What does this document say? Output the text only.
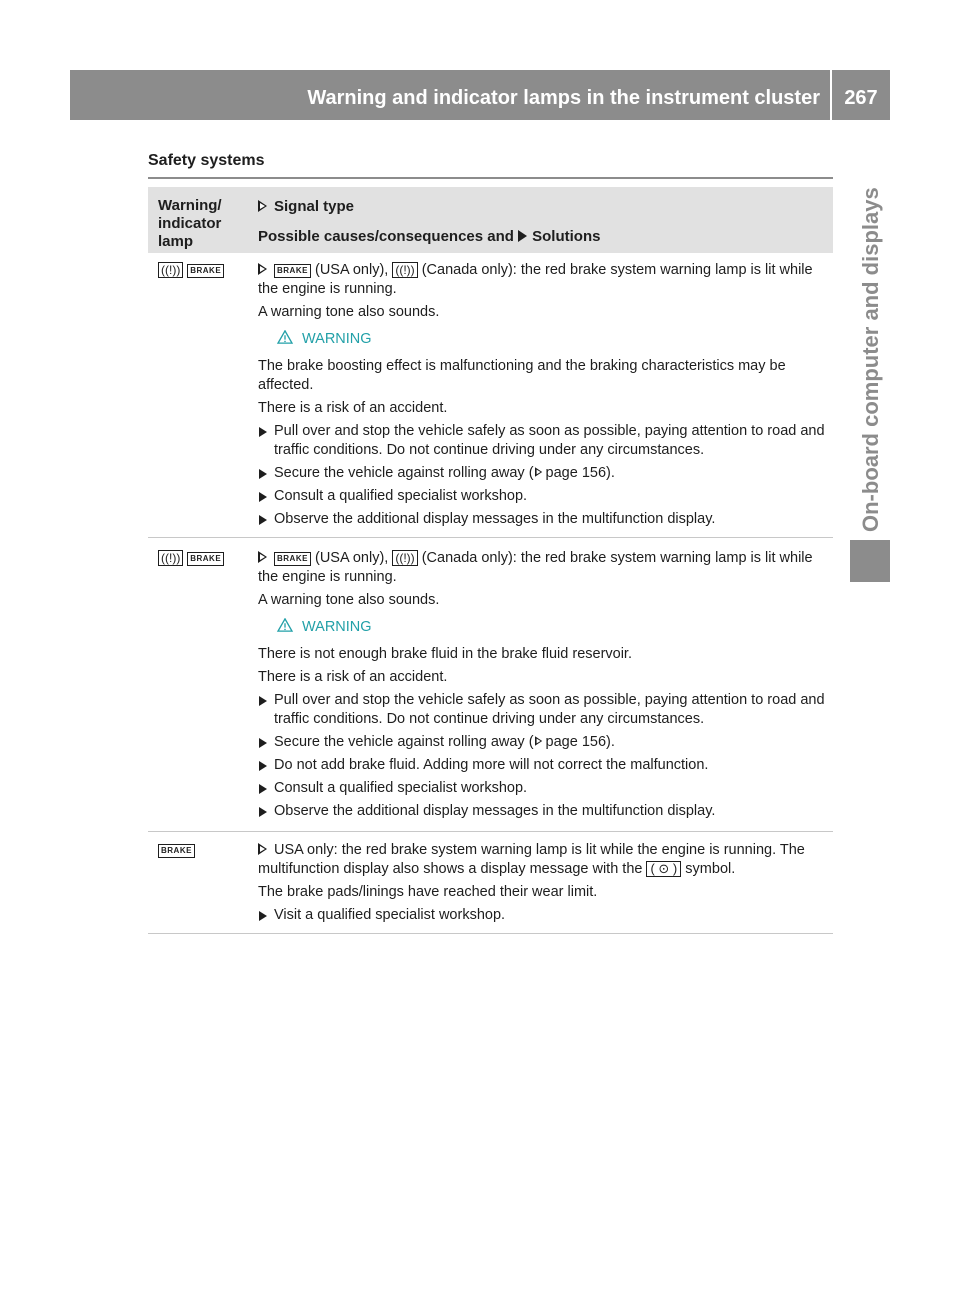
Warning and indicator lamps in the instrument cluster	267
On-board computer and displays
Safety systems
Warning/
indicator
lamp
Signal type
Possible causes/consequences and Solutions
((!)) BRAKE	BRAKE (USA only), ((!)) (Canada only): the red brake system warning lamp is lit while the engine is running.

A warning tone also sounds.

WARNING

The brake boosting effect is malfunctioning and the braking characteristics may be affected.

There is a risk of an accident.

Pull over and stop the vehicle safely as soon as possible, paying attention to road and traffic conditions. Do not continue driving under any circumstances.
Secure the vehicle against rolling away ( page 156).
Consult a qualified specialist workshop.
Observe the additional display messages in the multifunction display.
((!)) BRAKE	BRAKE (USA only), ((!)) (Canada only): the red brake system warning lamp is lit while the engine is running.

A warning tone also sounds.

WARNING

There is not enough brake fluid in the brake fluid reservoir.

There is a risk of an accident.

Pull over and stop the vehicle safely as soon as possible, paying attention to road and traffic conditions. Do not continue driving under any circumstances.
Secure the vehicle against rolling away ( page 156).
Do not add brake fluid. Adding more will not correct the malfunction.
Consult a qualified specialist workshop.
Observe the additional display messages in the multifunction display.
BRAKE	USA only: the red brake system warning lamp is lit while the engine is running. The multifunction display also shows a display message with the ( ⊙ ) symbol.

The brake pads/linings have reached their wear limit.

Visit a qualified specialist workshop.
